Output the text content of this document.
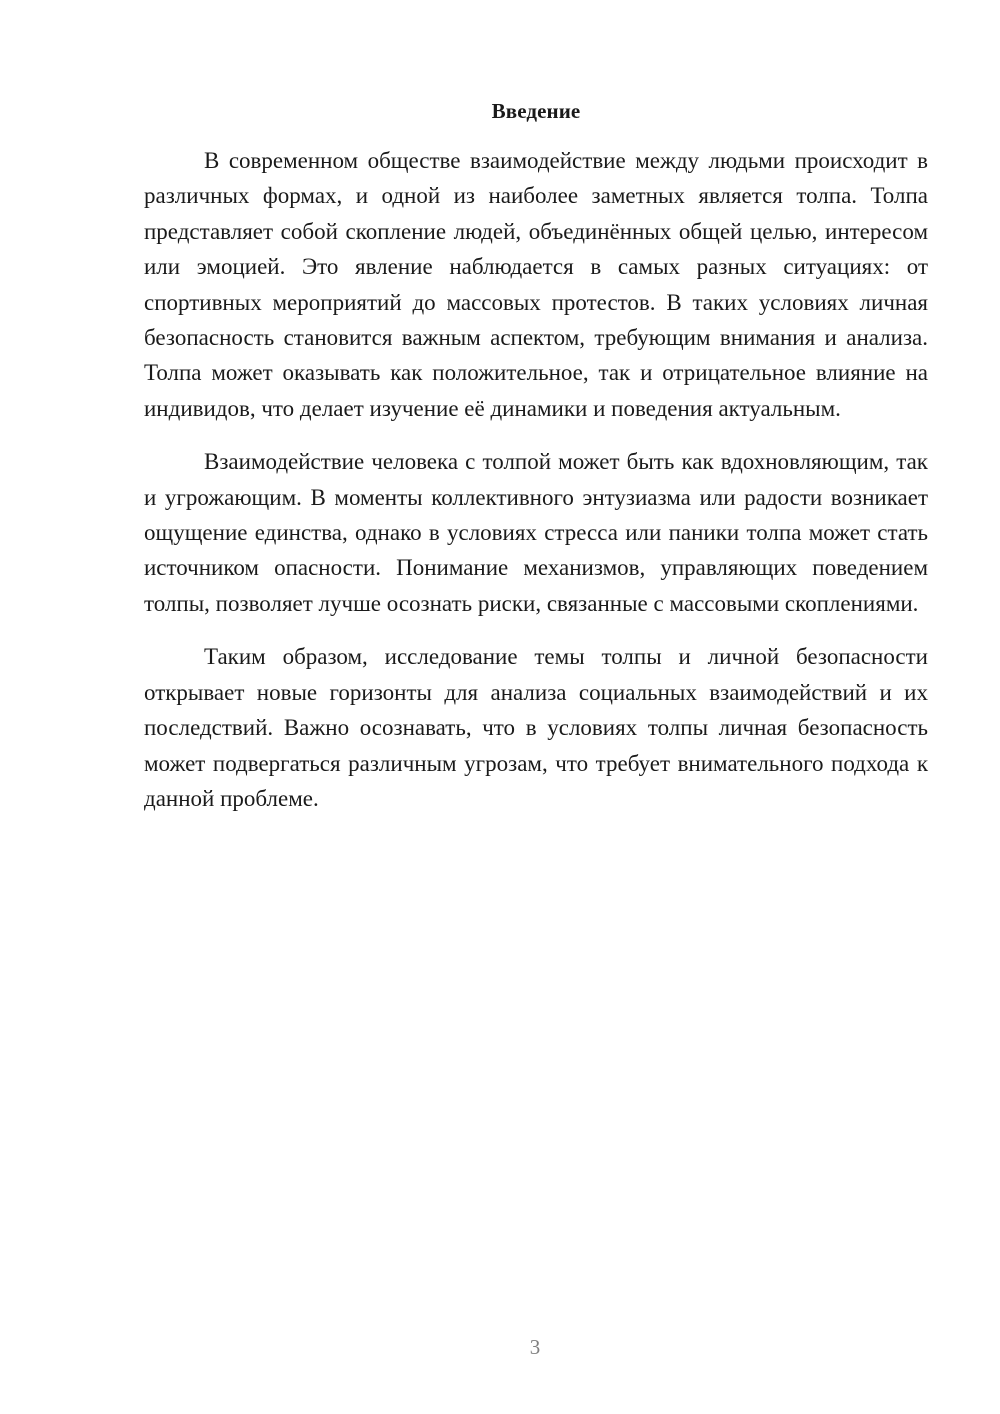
Введение

В современном обществе взаимодействие между людьми происходит в различных формах, и одной из наиболее заметных является толпа. Толпа представляет собой скопление людей, объединённых общей целью, интересом или эмоцией. Это явление наблюдается в самых разных ситуациях: от спортивных мероприятий до массовых протестов. В таких условиях личная безопасность становится важным аспектом, требующим внимания и анализа. Толпа может оказывать как положительное, так и отрицательное влияние на индивидов, что делает изучение её динамики и поведения актуальным.

Взаимодействие человека с толпой может быть как вдохновляющим, так и угрожающим. В моменты коллективного энтузиазма или радости возникает ощущение единства, однако в условиях стресса или паники толпа может стать источником опасности. Понимание механизмов, управляющих поведением толпы, позволяет лучше осознать риски, связанные с массовыми скоплениями.

Таким образом, исследование темы толпы и личной безопасности открывает новые горизонты для анализа социальных взаимодействий и их последствий. Важно осознавать, что в условиях толпы личная безопасность может подвергаться различным угрозам, что требует внимательного подхода к данной проблеме.

3
